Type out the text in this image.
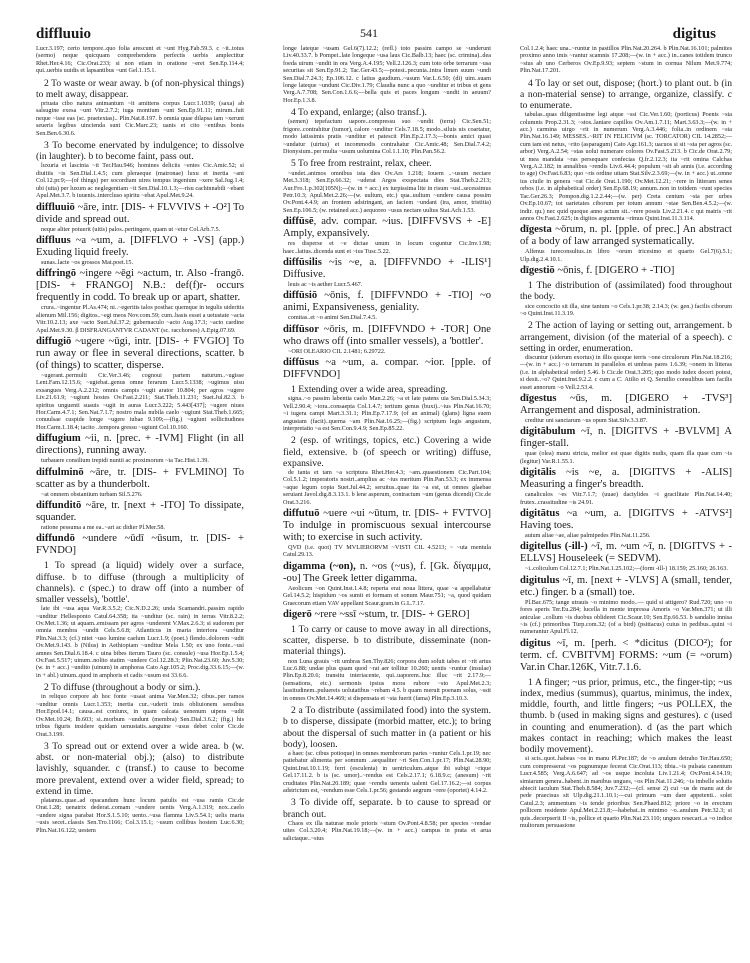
diffluuio	541	digitus

Lucr.3.197; certo tempore..quo folia arescunt et ~unt Hyg.Fab.59.3. c ~it..totus (sermo) neque quicquam comprehendens perfectis uerbis amplectitur Rhet.Her.4.16; Cic.Orat.233; si non etiam in oratione ~eret Sen.Ep.114.4; qui..uerbis uuidis et lapsantibus ~unt Gel.1.15.1.

2 To waste or wear away. b (of non-physical things) to melt away, disappear.

priuata cibo natura animantum ~it amittens corpus Lucr.1.1039; (saxa) ab salsugine exesa ~unt Vitr.2.7.2; iuga montium ~unt Sen.Ep.91.11; mirum..fuit neque ~isse eas (sc. praetextas).. Plin.Nat.8.197. b omnia quae dilapsa iam ~xerunt seueris legibus uincienda sunt Cic.Marc.23; uanis et cito ~entibus bonis Sen.Ben.6.30.6.

3 To become enervated by indulgence; to dissolve (in laughter). b to become faint, pass out.

luxuria et lascinia ~it Ter.Hau.946; homines deliciis ~entes Cic.Amic.52; si diuitiis ~is Sen.Dial.1.4.5; cum pleraeque (matronae) luxu et inertia ~ant Col.12.pr.9;—(of things) per socordiam uires tempus ingenium ~xere Sal.Jug.1.4; ubi (uita) per luxum ac neglegentiam ~it Sen.Dial.10.1.3;—risu cachinnabili ~ebant Apul.Met.3.7. b iuuenis..intercluso spiritu ~ebat Apul.Met.9.24.

diffluuiō ~āre, intr. [DIS- + FLVVIVS + -O²] To divide and spread out.

neque aliter potuerit (uitis) palos..pertingere, quam ut ~etur Col.Arb.7.5.

diffluus ~a ~um, a. [DIFFLVO + -VS] (app.) Exuding liquid freely.

sunas..lacte ~os grossos Mat.poet.15.

diffringō ~ingere ~ēgi ~actum, tr. Also -frangō. [DIS- + FRANGO] N.B.: def(f)r- occurs frequently in codd. To break up or apart, shatter.

crura..~ingentur Pl.As.474; ni..~egeritis talos posthac quemque in tegulis uideritis alienum Mil.156; digitos..~egi meos Nov.com.59; cum..basis esset a uetustate ~acta Vitr.10.2.13; axe ~acto Suet.Jul.37.2; gubernaculo ~acto Aug.17.3; ~acto cardine Apul.Met.9.30. β DISFRANGANTVR CADANT (sc. racchorses) A.Epig.07.69.

diffugiō ~ugere ~ūgi, intr. [DIS- + FVGIO] To run away or flee in several directions, scatter. b (of things) to scatter, disperse.

~ugerant..permulti Cic.Ver.3.46; cognoui partem naturum..~ugisse Lent.Fam.12.15.6; ~ugiebat..genus omne ferarum Lucr.5.1338; ~ugimus uisu exsangues Verg.A.2.212; omnis campis ~ugit arator 10.804; per agros ~ugere Liv.21.61.9; ~ugiunt hostes Ov.Fast.2.211; Stat.Theb.11.231; Suet.Jul.82.3. b spiritus unguenti suauis ~ugit in auras Lucr.3.222; 5.443[437]; ~ugere niues Hor.Carm.4.7.1; Sen.Nat.7.1.7; nostro mala nubila caelo ~ugiunt Stat.Theb.1.665; conuulsae cuspide longe ~ugere iubae 9.109;—(fig.) ~ugiunt sollicitudines Hor.Carm.1.18.4; tacito ..tempora gressu ~ugiunt Col.10.160.

diffugium ~ii, n. [prec. + -IVM] Flight (in all directions), running away.

turbauere consilium trepidi nuntii ac proximorum ~ia Tac.Hist.1.39.

diffulminō ~āre, tr. [DIS- + FVLMINO] To scatter as by a thunderbolt.

~at omnem obstantium turbam Sil.5.276.

diffunditō ~āre, tr. [next + -ITO] To dissipate, squander.

ratione pessuma a me ea..~ari ac didier Pl.Mer.58.

diffundō ~undere ~ūdī ~ūsum, tr. [DIS- + FVNDO]

1 To spread (a liquid) widely over a surface, diffuse. b to diffuse (through a multiplicity of channels). c (spec.) to draw off (into a number of smaller vessels), 'bottle'.

late ibi ~usa aqua Var.R.3.5.2; Cic.N.D.2.26; unda Scamandri..passim rapido ~unditur Hellesponto Catul.64.358; ita ~unditur (sc. rain) in terras Vitr.8.2.2; Ov.Met.1.36; ut aquam..emissam per agros ~underent V.Max.2.6.3; si sudorem per omnia membra ~undit Cels.5.6.8; Atlanticus in maria interiora ~unditur Plin.Nat.3.3; (cf.) nitet ~uso lumine caelum Lucr.1.9; (poet.) flendo..dolorem ~udit Ov.Met.9.143. b (Nilus) in Aethiopiam ~unditur Mela 1.50; ex uno fonte..~usi amnes Sen.Dial.6.18.4. c uina bibes iterum Tauro (sc. consule) ~usa Hor.Ep.1.5.4; Ov.Fast.5.517; uinum..nolito statim ~undere Col.12.28.3; Plin.Nat.23.60; Juv.5.30; (w. in + acc.) ~undito (uinum) in amphoras Cato Agr.105.2; Proc.dig.33.6.15;—(w. in + abl.) uinum..quod in amphoris et cadis ~usum est 33.6.6.

2 To diffuse (throughout a body or sim.).

in reliquo corpore ab hoc fonte ~usast anima Var.Men.32; cibus..per ramos ~unditur omnis Lucr.1.353; inertia cur..~uderit imis obliuionem sensibus Hor.Epod.14.1; causa..est coniunx, in quam calcata uenenum uipera ~udit Ov.Met.10.24; Ib.603; si..morbum ~undunt (membra) Sen.Dial.3.6.2; (fig.) his tribus figuris insidere quidam uenustatis..sanguine ~usus debet color Cic.de Orat.3.199.

3 To spread out or extend over a wide area. b (w. abst. or non-material obj.); (also) to distribute lavishly, squander. c (transf.) to cause to become more prevalent, extend over a wider field, spread; to extend in time.

platanus..quae..ad opacandum hunc locum patulis est ~usa ramis Cic.de Orat.1.28; uenatrix dederat..comam ~undere uentis Verg.A.1.319; nox..caelo ~undere signa parabat Hor.S.1.5.10; uento..~usa flamma Liv.5.54.1; uelis maria ~usis secet..classis Sen.Tro.1166; Col.3.15.1; ~usum collibus hostem Luc.6.30; Plin.Nat.16.122; uestem

longe lateque ~usam Gel.6(7).12.2; (refl.) toto passim campo se ~underunt Liv.40.33.7. b Pompei..late longeque ~usa laus Cic.Balb.13; haec (sc. crimina)..dea foeda uirum ~undit in ora Verg.A.4.195; Vell.2.126.3; cum toto orbe terrarum ~usa securitas sit Sen.Ep.91.2; Tac.Ger.43.5;—potest..pecunia..intra limen suum ~undi Sen.Dial.7.24.3; Ep.106.12. c latius gaudium..~usum Var.L.6.50; (di) uim..suam longe lateque ~undunt Cic.Div.1.79; Claudia nunc a quo ~unditur et tribus et gens Verg.A.7.708; Sen.Con.1.6.6;—bella quis et paces longum ~undit in aeuum? Hor.Ep.1.3.8.

4 To expand, enlarge; (also transf.).

(semen) tepefactum uapore..compressu suo ~undit (terra) Cic.Sen.51; frigore..contrahitur (tumor), calore ~unditur Cels.7.18.5; modo..siluis uis coartatur, modo latissimis pratis ~unditur et patescit Plin.Ep.2.17.3;—bonis amici quasi ~undatur (uirtus) et incommodis contrahatur Cic.Amic.48; Sen.Dial.7.4.2; Dionysium..per multa ~usum uolumina Col.1.1.10; Plin.Pan.56.2.

5 To free from restraint, relax, cheer.

~undet..animos omnibus ista dies Ov.Ars 1.218; Iouem ..~usum nectare Met.3.318; Sen.Ep.66.32; ~uderat Argos exspectata dies Stat.Theb.2.213; Aur.Fro.1.p.302(105N);—(w. in + acc.) ex turpissima lite in risum ~usi..secessimus Petr.10.3; Apul.Met.2.26;—(w. uultum, etc.) qua..uultum ~undere causa possim Ov.Pont.4.4.9; an frontem adstringant, an faciem ~undant (ira, amor, tristitia) Sen.Ep.106.5; (w. retained acc.) aequoreo ~usus nectare uultus Stat.Ach.1.53.

diffūsē, adv. compar. ~ius. [DIFFVSVS + -E] Amply, expansively.

res disperse et ~e dictae unum in locum coguntur Cic.Inv.1.98; haec..latius..dicenda sunt et ~ius Tusc.5.22.

diffūsilis ~is ~e, a. [DIFFVNDO + -ILIS¹] Diffusive.

leuis ac ~is aether Lucr.5.467.

diffūsiō ~ōnis, f. [DIFFVNDO + -TIO] ~o animi, Expansiveness, geniality.

comitas..et ~o animi Sen.Dial.7.4.5.

diffūsor ~ōris, m. [DIFFVNDO + -TOR] One who draws off (into smaller vessels), a 'bottler'.

~ORI OLEARIO CIL 2.1481; 6.29722.

diffūsus ~a ~um, a. compar. ~ior. [pple. of DIFFVNDO]

1 Extending over a wide area, spreading.

signa..~o passim labentia caelo Man.2.26; ~a et late patens uia Sen.Dial.5.34.3; Vell.2.90.4; ~iora..consaepta Col.1.4.7; tertium genus (buxi)..~ius Plin.Nat.16.70; ~i iugera campi Mart.3.31.1; Plin.Ep.7.17.9; (of an animal) (glans) ligna suem angustam (facit)..querna ~am Plin.Nat.16.25;—(fig.) scriptum legis angustum, interpretatio ~a est Sen.Con.9.4.9; Sen.Ep.85.22.

2 (esp. of writings, topics, etc.) Covering a wide field, extensive. b (of speech or writing) diffuse, expansive.

de tanta et tam ~a scriptura Rhet.Her.4.3; ~am..quaestionem Cic.Part.104; Col.5.1.2; imperatoris nostri..amplius ac ~ius meritum Plin.Pan.53.3; ex immensa ~aque legum copia Suet.Jul.44.2; seruitus..quae ita ~a est, ut omnes glaebae seruiant Javol.dig.8.3.13.1. b lene asperum, contractum ~um (genus dicendi) Cic.de Orat.3.216.

diffutuō ~uere ~ui ~ūtum, tr. [DIS- + FVTVO] To indulge in promiscuous sexual intercourse with; to exercise in such activity.

QVD (i.e. quot) TV MVLIERORVM ~VISTI CIL 4.5213; ~ ~uta mentula Catul.29.13.

digamma (~on), n. ~os (~us), f. [Gk. δίγαμμα, -ου] The Greek letter digamma.

Aeolicum ~on Quint.Inst.1.4.8; reperta erat noua littera, quae ~a appellabatur Gel.14.5.2; hispidum ~os sumit et formam et sonum Maur.751; ~a, quod quidam Graecorum etiam VAV appellant Scaur.gram.in G.L.7.17.

digerō ~rere ~ssī ~stum, tr. [DIS- + GERO]

1 To carry or cause to move away in all directions, scatter, disperse. b to distribute, disseminate (non-material things).

non Luna grauis ~rit umbras Sen.Thy.826; corpora dum soluit tabes et ~rit artus Luc.6.88; undae plus quam quod ~rat aer tollitur 10.260; uentis ~runtur (insulae) Plin.Ep.8.20.6; transitu interiacente, qui..uaporem..huc illuc ~rit 2.17.9;—(sensations, etc.) sermonis ipsius mora rubore ~sto Apul.Met.2.3; lassitudinem..puluereis uolutatibus ~rebam 4.5. b quam meruit poenam solus, ~ssit in omnes Ov.Met.14.469; si dispensata et ~sta fuerit (fama) Plin.Ep.3.10.3.

2 a To distribute (assimilated food) into the system. b to disperse, dissipate (morbid matter, etc.); to bring about the dispersal of such matter in (a patient or his body), loosen.

a haec (sc. cibus potioque) in omnes membrorum partes ~runtur Cels.1.pr.19; nec patiebatur alimenta per somnum ..aequaliter ~ri Sen.Con.1.pr.17; Plin.Nat.28.90; Quint.Inst.10.1.19; ferri (esculenta) in uentriculum..atque ibi subigi ~rique Gel.17.11.2. b is (sc. umor)..~rendus est Cels.2.17.1; 6.18.9.c; (anesum) ~rit cruditates Plin.Nat.20.189; quae ~rendis uenenis ualent Gel.17.16.2;—si corpus adstrictum est, ~rendum esse Cels.1.pr.56; gestando aegrum ~rere (oportet) 4.14.2.

3 To divide off, separate. b to cause to spread or branch out.

Chaos ex illa naturae mole prioris ~stum Ov.Pont.4.8.58; per species ~rendae uites Col.3.20.4; Plin.Nat.19.18;—(w. in + acc.) campus in prata et arua salictaque..~stus

Col.1.2.4; haec una..~runtur in pastillos Plin.Nat.20.264. b Plin.Nat.16.101; palmites proximo anno imis ~rantur scamnis 17.208;—(w. in + acc.) in..canes totidem trunco ~stus ab uno Cerberos Ov.Ep.9.93; septem ~stum in cornua Nilum Met.9.774; Plin.Nat.17.201.

4 To lay or set out, dispose; (hort.) to plant out. b (in a non-material sense) to arrange, organize, classify. c to enumerate.

tabulas..quas diligentissime legi atque ~ssi Cic.Ver.1.60; (porticus) Poenis ~sta columnis Prop.2.31.3; ~stos..laniare capillos Ov.Am.1.7.11; Mart.3.63.3;—(w. in + acc.) carmina uirgo ~rit in numerum Verg.A.3.446; folia..in ordinem ~sta Plin.Nat.16.149; MESSES..~RIT IN FELICIVM (sc. TORCATOR) CIL 14.2852;—cum iam est netus, ~rito (asparagum) Cato Agr.161.3; uacuos si sit ~sta per agros (sc. arbor) Verg.A.2.54; ~stas uolui numerare colores Ov.Fast.5.213. b Cic.de Orat.2.79; ut mea mandata ~ras persequare confecias Q.fr.2.12.3; ita ~rit omina Calchas Verg.A.2.182; in annalibus ~rendis Liv.6.44.4; populum ~sit ab annis (i.e. according to age) Ov.Fast.6.83; quo ~ris ordine uitam Stat.Silv.2.3.69;—(w. in + acc.) ut..omne ius ciuile in genera ~rat Cic.de Orat.1.190; Ov.Met.12.21; ~rere in litteram senes orbos (i.e. in alphabetical order) Sen.Ep.68.19; annum..non in totidem ~runt species Tac.Ger.26.3; Pompon.dig.1.2.2.44;—(w. per) Creta centum ~sta per urbes Ov.Ep.10.67; tot uarietates ciborum per totum annum ~stae Sen.Ben.4.5.2;—(w. indir. qu.) nec quid quoque anno actum sit..~rere possis Liv.2.21.4. c qui matris ~rit annos Ov.Fast.2.625; in digitos argumenta ~rimus Quint.Inst.11.3.114.

dīgesta ~ōrum, n. pl. [pple. of prec.] An abstract of a body of law arranged systematically.

Alfenus iureconsultus..in libro ~orum tricesimo et quarto Gel.7(6).5.1; Ulp.dig.2.4.10.1.

dīgestiō ~ōnis, f. [DIGERO + -TIO]

1 The distribution of (assimilated) food throughout the body.

sice concoctio sit illa, sine tantum ~o Cels.1.pr.38; 2.14.3; (w. gen.) facilis ciborum ~o Quint.Inst.11.3.19.

2 The action of laying or setting out, arrangement. b arrangement, division (of the material of a speech). c setting in order, enumeration.

discuntur (siderum exortus) in illis quoque terris ~one circulorum Plin.Nat.18.216;—(w. in + acc.) ~o terrarum in parallelos et umbras pares 1.6.39; ~onem in litteras (i.e. in alphabetical order) 5.46. b Cic.de Orat.3.205; quo modo iudex doceri potest, si desit..~o? Quint.Inst.9.2.2. c cum a C. Atilio et Q. Seruilio consulibus tam facilis esset annorum ~o Vell.2.53.4.

dīgestus ~ūs, m. [DIGERO + -TVS³] Arrangement and disposal, administration.

creditur uni sanctarum ~us opum Stat.Silv.3.3.87.

digitābulum ~ī, n. [DIGITVS + -BVLVM] A finger-stall.

quae (olea) manu stricta, melior est quae digitis nudis, quam illa quae cum ~is (legitur) Var.R.1.55.1.

digitālis ~is ~e, a. [DIGITVS + -ALIS] Measuring a finger's breadth.

canaliculos ~es Vitr.7.1.7; (uuae) dactylides ~i gracilitate Plin.Nat.14.40; frutex..crassitudine ~is 24.91.

digitātus ~a ~um, a. [DIGITVS + -ATVS²] Having toes.

auium aliae ~ae, aliae palmipedes Plin.Nat.11.256.

digitellus (-ill-) ~ī, m. ~um ~ī, n. [DIGITVS + -ELLVS] Houseleek (= SEDVM).

~i..coliculum Col.12.7.1; Plin.Nat.1.25.102;—(form -ill-) 18.159; 25.160; 26.163.

digitulus ~ī, m. [next + -VLVS] A (small, tender, etc.) finger. b a (small) toe.

Pl.Bac.675; tange utrauis ~o minimo modo..— quid si attigero? Rud.720; uno ~o fores aperis Ter.Eu.284; lucella in mente impressa Amoris ~o Var.Men.371; ut illi aniculae ..collum ~is duobus oblideret Cic.Scaur.10; Sen.Ep.66.53. b sandalio innisa ~is (cf.) primoribus Turp.com.32; (of a bird) (psittacus) cuius in pedibus..quini ~i numerantur Apul.Fl.12.

digitus ~ī, m. [perh. < *dicitus (DICO²); for term. cf. CVBITVM] FORMS: ~um (= ~orum) Var.in Char.126K, Vitr.7.1.6.

1 A finger; ~us prior, primus, etc., the finger-tip; ~us index, medius (summus), quartus, minimus, the index, middle, fourth, and little fingers; ~us POLLEX, the thumb. b (used in making signs and gestures). c (used in counting and enumeration). d (as the part which makes contact in reaching; which makes the least bodily movement).

si scis..quot..habeas ~os in manu Pl.Per.187; de ~o anulum detraho Ter.Hau.650; cum compresserat ~os pugnumque fecerat Cic.Orat.113; tibia..~is pulsata canentum Lucr.4.585; Verg.A.6.647; ad ~os usque incoluta Liv.1.21.4; Ov.Pont.4.14.19; simiarum genera..habent..in manibus ungues, ~os Plin.Nat.11.246; ~is imbelle solutis abiecit iaculum Stat.Theb.8.584; Juv.7.232;—(cf. sense 2) cui ~us de manu aut de pede praecisus sit Ulp.dig.21.1.10.1;—cui primum ~um dare appetenti.. solet Catul.2.3; ammentum ~is tende prioribus Sen.Phaed.812; priore ~o in erectum pollicem residente Apul.Met.2.21.8;—habebat..in minimo ~o..anulum Petr.32.3; si quis..decerpserit II ~is, pollice et quarto Plin.Nat.23.110; ungues resecari..a ~o indice multorum persuasione
